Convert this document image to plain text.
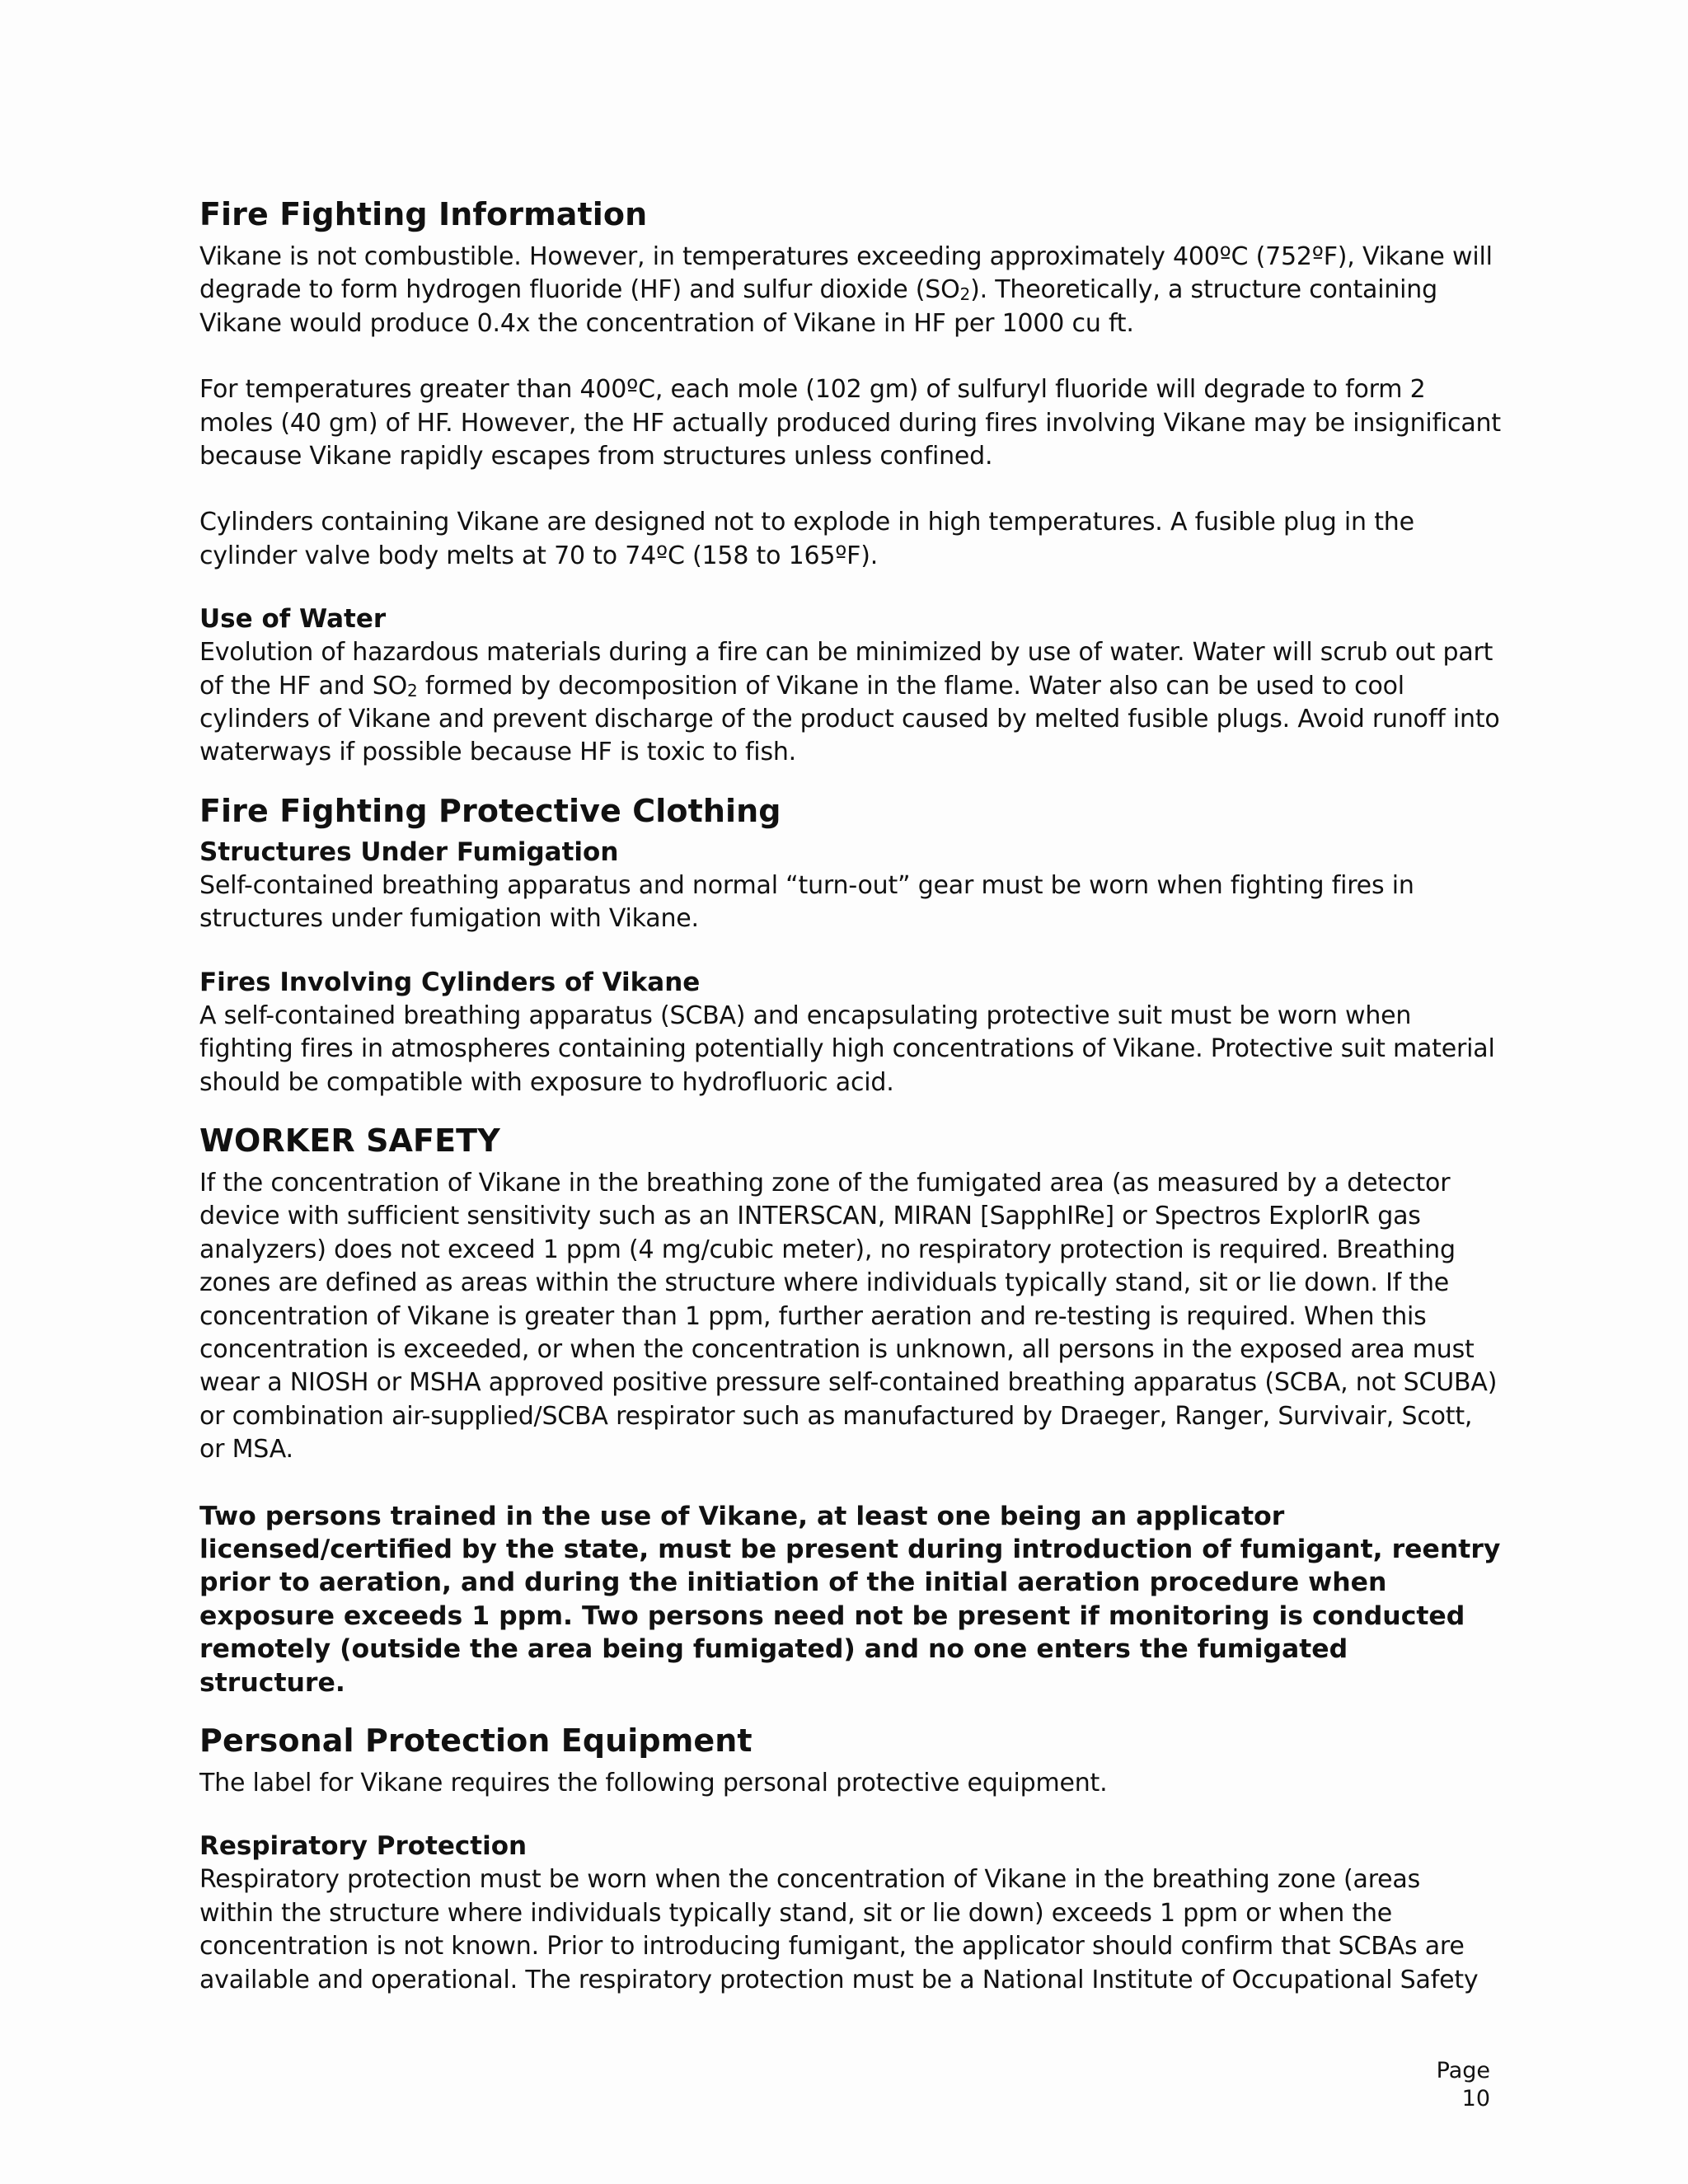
Fire Fighting Information

Vikane is not combustible. However, in temperatures exceeding approximately 400ºC (752ºF), Vikane will degrade to form hydrogen fluoride (HF) and sulfur dioxide $(SO_2)$. Theoretically, a structure containing Vikane would produce 0.4x the concentration of Vikane in HF per 1000 cu ft.

For temperatures greater than 400ºC, each mole (102 gm) of sulfuryl fluoride will degrade to form 2 moles (40 gm) of HF. However, the HF actually produced during fires involving Vikane may be insignificant because Vikane rapidly escapes from structures unless confined.

Cylinders containing Vikane are designed not to explode in high temperatures. A fusible plug in the cylinder valve body melts at 70 to 74ºC (158 to 165ºF).

Use of Water

Evolution of hazardous materials during a fire can be minimized by use of water. Water will scrub out part of the HF and $SO_2$ formed by decomposition of Vikane in the flame. Water also can be used to cool cylinders of Vikane and prevent discharge of the product caused by melted fusible plugs. Avoid runoff into waterways if possible because HF is toxic to fish.

Fire Fighting Protective Clothing
Structures Under Fumigation

Self-contained breathing apparatus and normal “turn-out” gear must be worn when fighting fires in structures under fumigation with Vikane.

Fires Involving Cylinders of Vikane

A self-contained breathing apparatus (SCBA) and encapsulating protective suit must be worn when fighting fires in atmospheres containing potentially high concentrations of Vikane. Protective suit material should be compatible with exposure to hydrofluoric acid.

WORKER SAFETY

If the concentration of Vikane in the breathing zone of the fumigated area (as measured by a detector device with sufficient sensitivity such as an INTERSCAN, MIRAN [SapphIRe] or Spectros ExplorIR gas analyzers) does not exceed 1 ppm (4 mg/cubic meter), no respiratory protection is required. Breathing zones are defined as areas within the structure where individuals typically stand, sit or lie down. If the concentration of Vikane is greater than 1 ppm, further aeration and re-testing is required. When this concentration is exceeded, or when the concentration is unknown, all persons in the exposed area must wear a NIOSH or MSHA approved positive pressure self-contained breathing apparatus (SCBA, not SCUBA) or combination air-supplied/SCBA respirator such as manufactured by Draeger, Ranger, Survivair, Scott, or MSA.

Two persons trained in the use of Vikane, at least one being an applicator licensed/certified by the state, must be present during introduction of fumigant, reentry prior to aeration, and during the initiation of the initial aeration procedure when exposure exceeds 1 ppm. Two persons need not be present if monitoring is conducted remotely (outside the area being fumigated) and no one enters the fumigated structure.

Personal Protection Equipment

The label for Vikane requires the following personal protective equipment.

Respiratory Protection

Respiratory protection must be worn when the concentration of Vikane in the breathing zone (areas within the structure where individuals typically stand, sit or lie down) exceeds 1 ppm or when the concentration is not known. Prior to introducing fumigant, the applicator should confirm that SCBAs are available and operational. The respiratory protection must be a National Institute of Occupational Safety

Page 10
